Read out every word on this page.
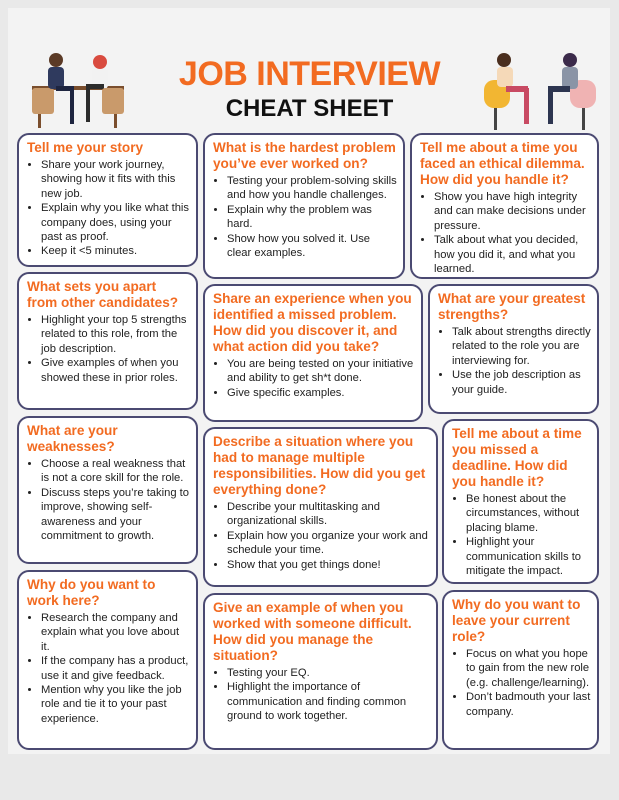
JOB INTERVIEW
CHEAT SHEET
Tell me your story
• Share your work journey, showing how it fits with this new job.
• Explain why you like what this company does, using your past as proof.
• Keep it <5 minutes.
What is the hardest problem you’ve ever worked on?
• Testing your problem-solving skills and how you handle challenges.
• Explain why the problem was hard.
• Show how you solved it. Use clear examples.
Tell me about a time you faced an ethical dilemma. How did you handle it?
• Show you have high integrity and can make decisions under pressure.
• Talk about what you decided, how you did it, and what you learned.
What sets you apart from other candidates?
• Highlight your top 5 strengths related to this role, from the job description.
• Give examples of when you showed these in prior roles.
Share an experience when you identified a missed problem. How did you discover it, and what action did you take?
• You are being tested on your initiative and ability to get sh*t done.
• Give specific examples.
What are your greatest strengths?
• Talk about strengths directly related to the role you are interviewing for.
• Use the job description as your guide.
What are your weaknesses?
• Choose a real weakness that is not a core skill for the role.
• Discuss steps you’re taking to improve, showing self-awareness and your commitment to growth.
Describe a situation where you had to manage multiple responsibilities. How did you get everything done?
• Describe your multitasking and organizational skills.
• Explain how you organize your work and schedule your time.
• Show that you get things done!
Tell me about a time you missed a deadline. How did you handle it?
• Be honest about the circumstances, without placing blame.
• Highlight your communication skills to mitigate the impact.
Why do you want to work here?
• Research the company and explain what you love about it.
• If the company has a product, use it and give feedback.
• Mention why you like the job role and tie it to your past experience.
Give an example of when you worked with someone difficult. How did you manage the situation?
• Testing your EQ.
• Highlight the importance of communication and finding common ground to work together.
Why do you want to leave your current role?
• Focus on what you hope to gain from the new role (e.g. challenge/learning).
• Don’t badmouth your last company.
